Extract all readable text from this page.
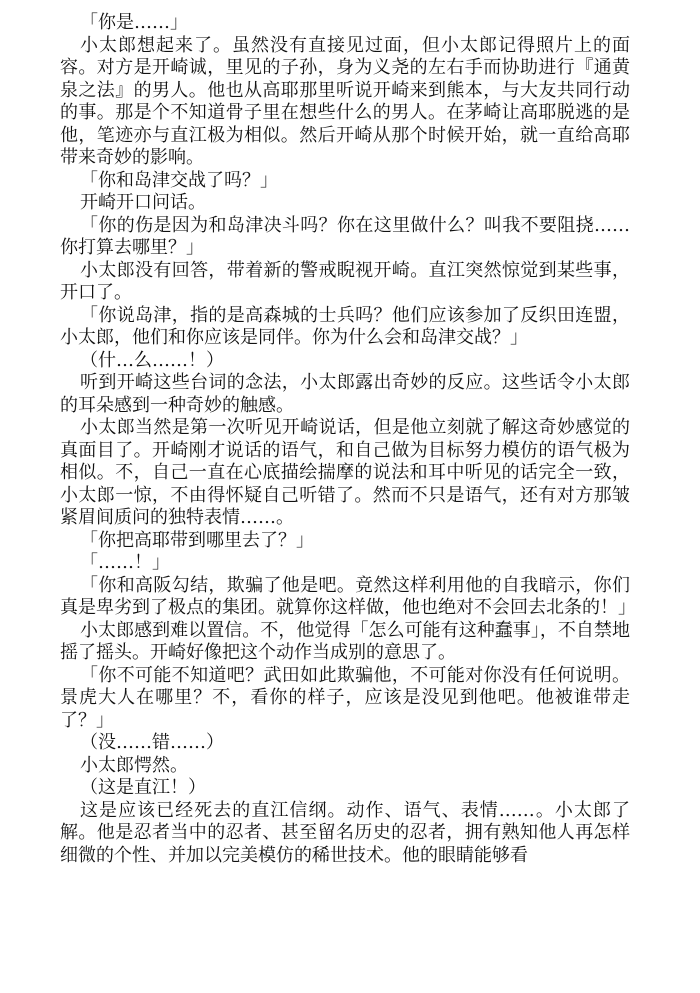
「你是……」

小太郎想起来了。虽然没有直接见过面，但小太郎记得照片上的面容。对方是开崎诚，里见的子孙，身为义尧的左右手而协助进行『通黄泉之法』的男人。他也从高耶那里听说开崎来到熊本，与大友共同行动的事。那是个不知道骨子里在想些什么的男人。在茅崎让高耶脱逃的是他，笔迹亦与直江极为相似。然后开崎从那个时候开始，就一直给高耶带来奇妙的影响。

「你和岛津交战了吗？」

开崎开口问话。

「你的伤是因为和岛津决斗吗？你在这里做什么？叫我不要阻挠……你打算去哪里？」

小太郎没有回答，带着新的警戒睨视开崎。直江突然惊觉到某些事，开口了。

「你说岛津，指的是高森城的士兵吗？他们应该参加了反织田连盟，小太郎，他们和你应该是同伴。你为什么会和岛津交战？」

（什…么……！）

听到开崎这些台词的念法，小太郎露出奇妙的反应。这些话令小太郎的耳朵感到一种奇妙的触感。

小太郎当然是第一次听见开崎说话，但是他立刻就了解这奇妙感觉的真面目了。开崎刚才说话的语气，和自己做为目标努力模仿的语气极为相似。不，自己一直在心底描绘揣摩的说法和耳中听见的话完全一致，小太郎一惊，不由得怀疑自己听错了。然而不只是语气，还有对方那皱紧眉间质问的独特表情……。

「你把高耶带到哪里去了？」

「……！」

「你和高阪勾结，欺骗了他是吧。竟然这样利用他的自我暗示，你们真是卑劣到了极点的集团。就算你这样做，他也绝对不会回去北条的！」

小太郎感到难以置信。不，他觉得「怎么可能有这种蠢事」，不自禁地摇了摇头。开崎好像把这个动作当成别的意思了。

「你不可能不知道吧？武田如此欺骗他，不可能对你没有任何说明。景虎大人在哪里？不，看你的样子，应该是没见到他吧。他被谁带走了？」

（没……错……）

小太郎愕然。

（这是直江！）

这是应该已经死去的直江信纲。动作、语气、表情……。小太郎了解。他是忍者当中的忍者、甚至留名历史的忍者，拥有熟知他人再怎样细微的个性、并加以完美模仿的稀世技术。他的眼睛能够看
